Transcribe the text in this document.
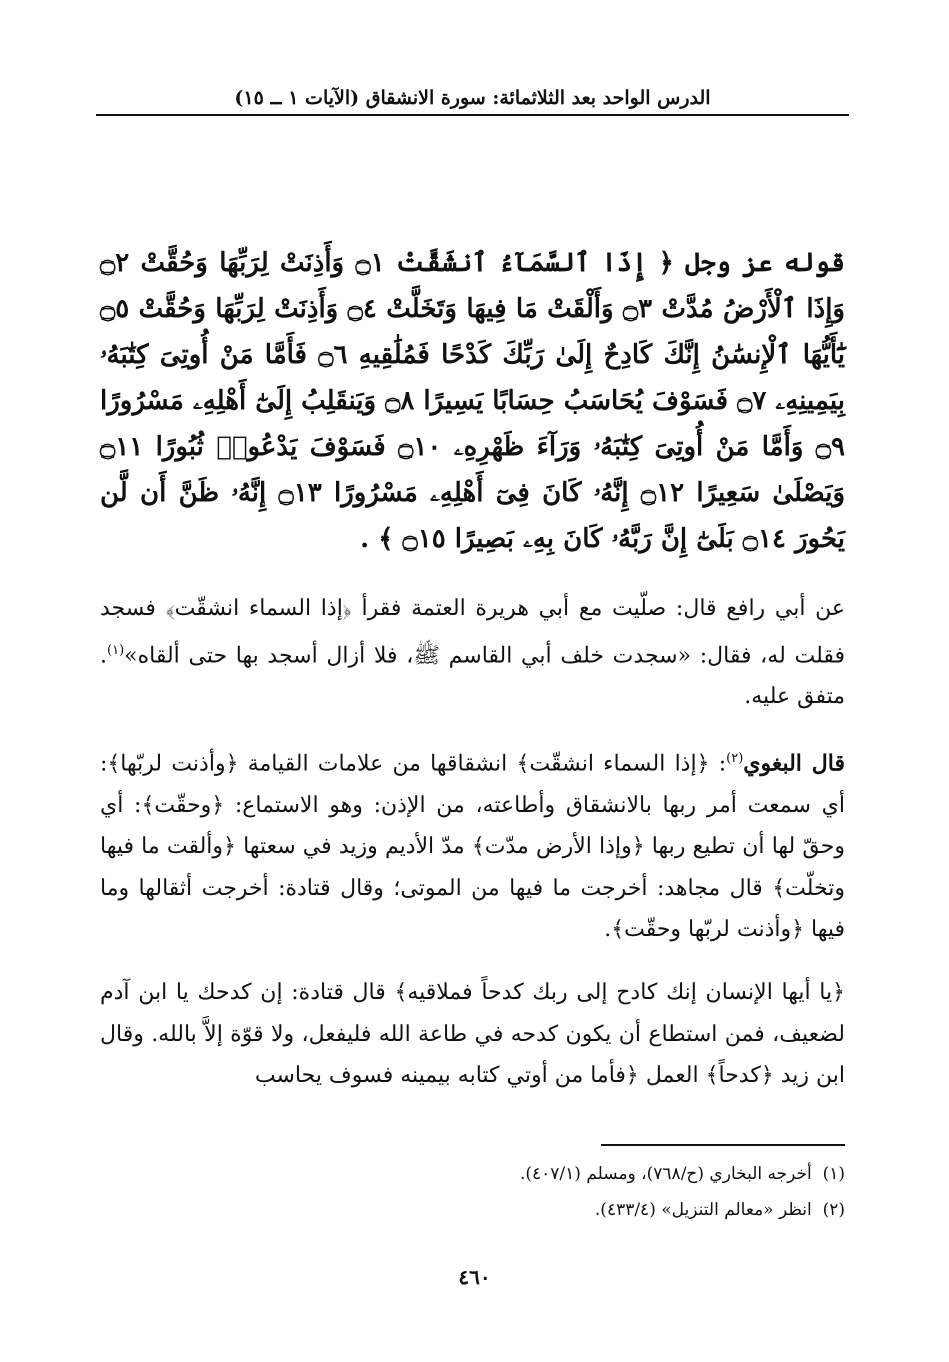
الدرس الواحد بعد الثلاثمائة: سورة الانشقاق (الآيات ١ ــ ١٥)

قوله عز وجل ﴿ إِذَا ٱلسَّمَآءُ ٱنشَقَّتْ ۝١ وَأَذِنَتْ لِرَبِّهَا وَحُقَّتْ ۝٢ وَإِذَا ٱلْأَرْضُ مُدَّتْ ۝٣ وَأَلْقَتْ مَا فِيهَا وَتَخَلَّتْ ۝٤ وَأَذِنَتْ لِرَبِّهَا وَحُقَّتْ ۝٥ يَٰٓأَيُّهَا ٱلْإِنسَٰنُ إِنَّكَ كَادِحٌ إِلَىٰ رَبِّكَ كَدْحًا فَمُلَٰقِيهِ ۝٦ فَأَمَّا مَنْ أُوتِىَ كِتَٰبَهُۥ بِيَمِينِهِۦ ۝٧ فَسَوْفَ يُحَاسَبُ حِسَابًا يَسِيرًا ۝٨ وَيَنقَلِبُ إِلَىٰٓ أَهْلِهِۦ مَسْرُورًا ۝٩ وَأَمَّا مَنْ أُوتِىَ كِتَٰبَهُۥ وَرَآءَ ظَهْرِهِۦ ۝١٠ فَسَوْفَ يَدْعُوا۟ ثُبُورًا ۝١١ وَيَصْلَىٰ سَعِيرًا ۝١٢ إِنَّهُۥ كَانَ فِىٓ أَهْلِهِۦ مَسْرُورًا ۝١٣ إِنَّهُۥ ظَنَّ أَن لَّن يَحُورَ ۝١٤ بَلَىٰٓ إِنَّ رَبَّهُۥ كَانَ بِهِۦ بَصِيرًا ۝١٥ ﴾ .

عن أبي رافع قال: صلّيت مع أبي هريرة العتمة فقرأ ﴿إذا السماء انشقّت﴾ فسجد فقلت له، فقال: «سجدت خلف أبي القاسم ﷺ، فلا أزال أسجد بها حتى ألقاه»$^{(١)}$. متفق عليه.

قال البغوي$^{(٢)}$: ﴿إذا السماء انشقّت﴾ انشقاقها من علامات القيامة ﴿وأذنت لربّها﴾: أي سمعت أمر ربها بالانشقاق وأطاعته، من الإذن: وهو الاستماع: ﴿وحقّت﴾: أي وحقّ لها أن تطيع ربها ﴿وإذا الأرض مدّت﴾ مدّ الأديم وزيد في سعتها ﴿وألقت ما فيها وتخلّت﴾ قال مجاهد: أخرجت ما فيها من الموتى؛ وقال قتادة: أخرجت أثقالها وما فيها ﴿وأذنت لربّها وحقّت﴾.

﴿يا أيها الإنسان إنك كادح إلى ربك كدحاً فملاقيه﴾ قال قتادة: إن كدحك يا ابن آدم لضعيف، فمن استطاع أن يكون كدحه في طاعة الله فليفعل، ولا قوّة إلاَّ بالله. وقال ابن زيد ﴿كدحاً﴾ العمل ﴿فأما من أوتي كتابه بيمينه فسوف يحاسب

(١)  أخرجه البخاري (ح/٧٦٨)، ومسلم (٤٠٧/١).
(٢)  انظر «معالم التنزيل» (٤٣٣/٤).
٤٦٠
